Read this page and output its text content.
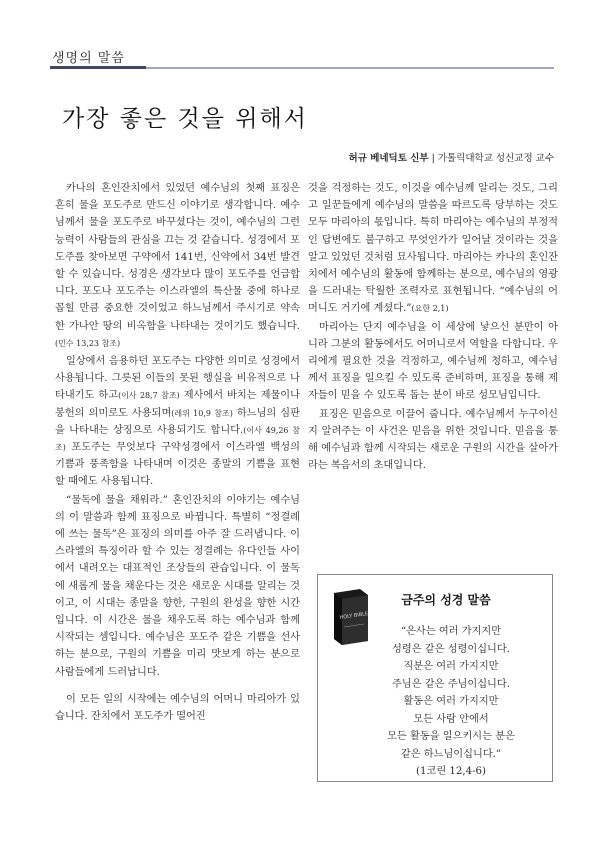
생명의 말씀
가장 좋은 것을 위해서
허규 베네딕토 신부 | 가톨릭대학교 성신교정 교수

카나의 혼인잔치에서 있었던 예수님의 첫째 표징은 흔히 물을 포도주로 만드신 이야기로 생각합니다. 예수님께서 물을 포도주로 바꾸셨다는 것이, 예수님의 그런 능력이 사람들의 관심을 끄는 것 같습니다. 성경에서 포도주를 찾아보면 구약에서 141번, 신약에서 34번 발견할 수 있습니다. 성경은 생각보다 많이 포도주를 언급합니다. 포도나 포도주는 이스라엘의 특산물 중에 하나로 꼽힐 만큼 중요한 것이었고 하느님께서 주시기로 약속한 가나안 땅의 비옥함을 나타내는 것이기도 했습니다.(민수 13,23 참조)

일상에서 음용하던 포도주는 다양한 의미로 성경에서 사용됩니다. 그릇된 이들의 못된 행실을 비유적으로 나타내기도 하고(이사 28,7 참조) 제사에서 바치는 제물이나 봉헌의 의미로도 사용되며(레위 10,9 참조) 하느님의 심판을 나타내는 상징으로 사용되기도 합니다.(이사 49,26 참조) 포도주는 무엇보다 구약성경에서 이스라엘 백성의 기쁨과 풍족함을 나타내며 이것은 종말의 기쁨을 표현할 때에도 사용됩니다.

“물독에 물을 채워라.” 혼인잔치의 이야기는 예수님의 이 말씀과 함께 표징으로 바뀝니다. 특별히 “정결례에 쓰는 물독”은 표징의 의미를 아주 잘 드러냅니다. 이스라엘의 특징이라 할 수 있는 정결례는 유다인들 사이에서 내려오는 대표적인 조상들의 관습입니다. 이 물독에 새롭게 물을 채운다는 것은 새로운 시대를 알리는 것이고, 이 시대는 종말을 향한, 구원의 완성을 향한 시간입니다. 이 시간은 물을 채우도록 하는 예수님과 함께 시작되는 셈입니다. 예수님은 포도주 같은 기쁨을 선사하는 분으로, 구원의 기쁨을 미리 맛보게 하는 분으로 사람들에게 드러납니다.

이 모든 일의 시작에는 예수님의 어머니 마리아가 있습니다. 잔치에서 포도주가 떨어진

것을 걱정하는 것도, 이것을 예수님께 알리는 것도, 그리고 일꾼들에게 예수님의 말씀을 따르도록 당부하는 것도 모두 마리아의 몫입니다. 특히 마리아는 예수님의 부정적인 답변에도 불구하고 무엇인가가 일어날 것이라는 것을 알고 있었던 것처럼 묘사됩니다. 마리아는 카나의 혼인잔치에서 예수님의 활동에 함께하는 분으로, 예수님의 영광을 드러내는 탁월한 조력자로 표현됩니다. “예수님의 어머니도 거기에 계셨다.”(요한 2,1)

마리아는 단지 예수님을 이 세상에 낳으신 분만이 아니라 그분의 활동에서도 어머니로서 역할을 다합니다. 우리에게 필요한 것을 걱정하고, 예수님께 청하고, 예수님께서 표징을 일으킬 수 있도록 준비하며, 표징을 통해 제자들이 믿을 수 있도록 돕는 분이 바로 성모님입니다.

표징은 믿음으로 이끌어 줍니다. 예수님께서 누구이신지 알려주는 이 사건은 믿음을 위한 것입니다. 믿음을 통해 예수님과 함께 시작되는 새로운 구원의 시간을 살아가라는 복음서의 초대입니다.

HOLY BIBLE
금주의 성경 말씀
“은사는 여러 가지지만
성령은 같은 성령이십니다.
직분은 여러 가지지만
주님은 같은 주님이십니다.
활동은 여러 가지지만
모든 사람 안에서
모든 활동을 일으키시는 분은
같은 하느님이십니다.”
(1코린 12,4-6)
